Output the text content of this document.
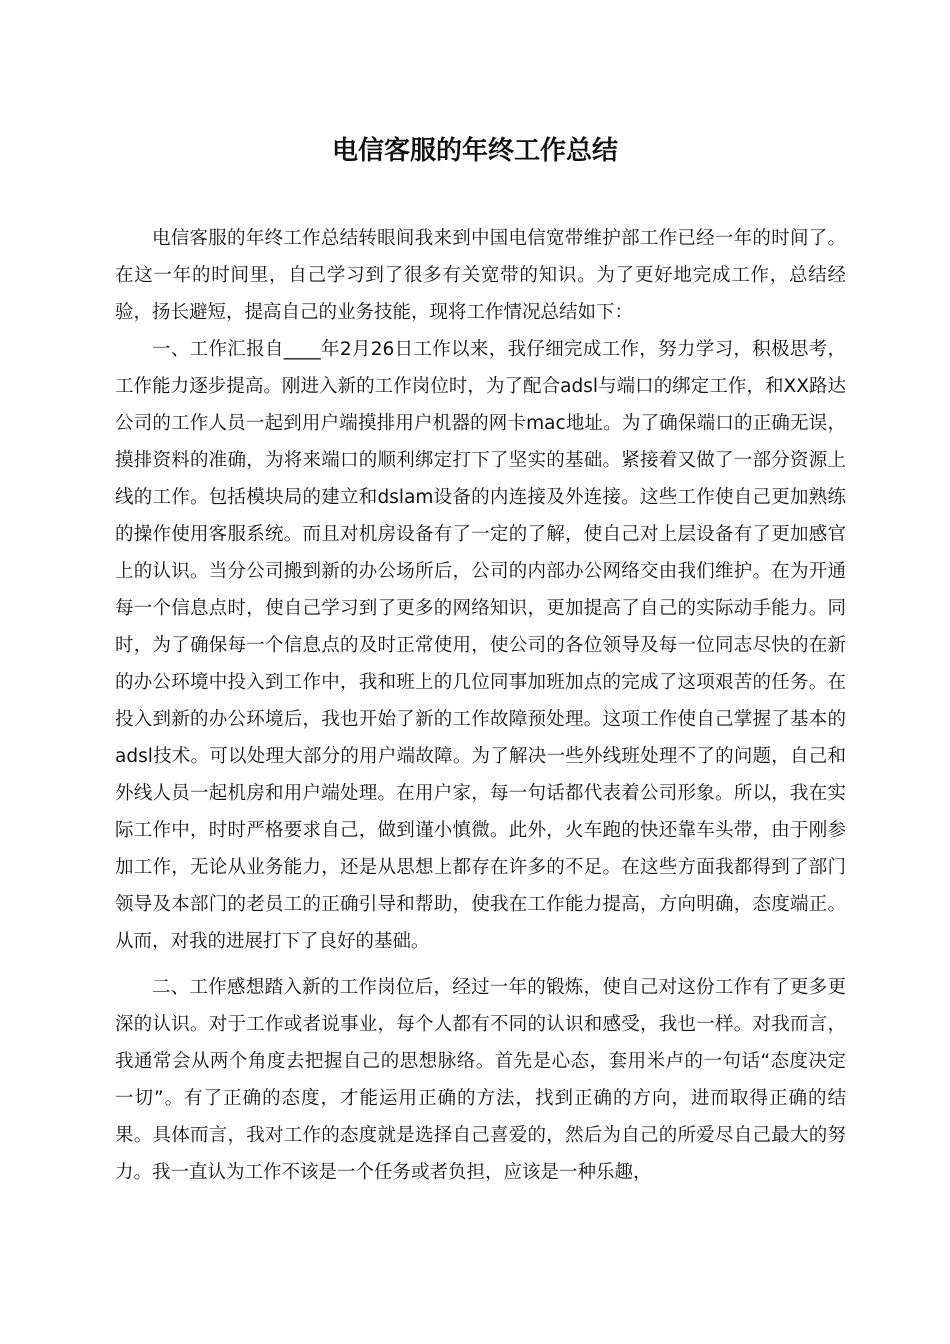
电信客服的年终工作总结

电信客服的年终工作总结转眼间我来到中国电信宽带维护部工作已经一年的时间了。在这一年的时间里，自己学习到了很多有关宽带的知识。为了更好地完成工作，总结经验，扬长避短，提高自己的业务技能，现将工作情况总结如下：

一、工作汇报自____年2月26日工作以来，我仔细完成工作，努力学习，积极思考，工作能力逐步提高。刚进入新的工作岗位时，为了配合adsl与端口的绑定工作，和XX路达公司的工作人员一起到用户端摸排用户机器的网卡mac地址。为了确保端口的正确无误，摸排资料的准确，为将来端口的顺利绑定打下了坚实的基础。紧接着又做了一部分资源上线的工作。包括模块局的建立和dslam设备的内连接及外连接。这些工作使自己更加熟练的操作使用客服系统。而且对机房设备有了一定的了解，使自己对上层设备有了更加感官上的认识。当分公司搬到新的办公场所后，公司的内部办公网络交由我们维护。在为开通每一个信息点时，使自己学习到了更多的网络知识，更加提高了自己的实际动手能力。同时，为了确保每一个信息点的及时正常使用，使公司的各位领导及每一位同志尽快的在新的办公环境中投入到工作中，我和班上的几位同事加班加点的完成了这项艰苦的任务。在投入到新的办公环境后，我也开始了新的工作故障预处理。这项工作使自己掌握了基本的adsl技术。可以处理大部分的用户端故障。为了解决一些外线班处理不了的问题，自己和外线人员一起机房和用户端处理。在用户家，每一句话都代表着公司形象。所以，我在实际工作中，时时严格要求自己，做到谨小慎微。此外，火车跑的快还靠车头带，由于刚参加工作，无论从业务能力，还是从思想上都存在许多的不足。在这些方面我都得到了部门领导及本部门的老员工的正确引导和帮助，使我在工作能力提高，方向明确，态度端正。从而，对我的进展打下了良好的基础。

二、工作感想踏入新的工作岗位后，经过一年的锻炼，使自己对这份工作有了更多更深的认识。对于工作或者说事业，每个人都有不同的认识和感受，我也一样。对我而言，我通常会从两个角度去把握自己的思想脉络。首先是心态，套用米卢的一句话“态度决定一切”。有了正确的态度，才能运用正确的方法，找到正确的方向，进而取得正确的结果。具体而言，我对工作的态度就是选择自己喜爱的，然后为自己的所爱尽自己最大的努力。我一直认为工作不该是一个任务或者负担，应该是一种乐趣，
